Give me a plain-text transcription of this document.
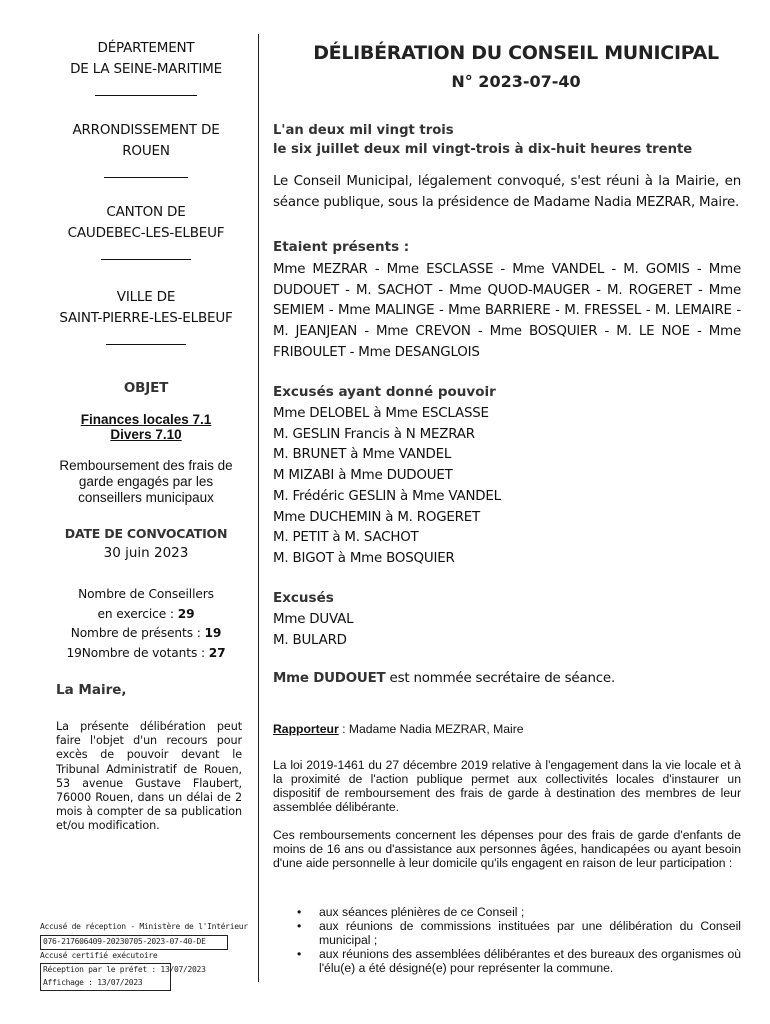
DÉPARTEMENT
DE LA SEINE-MARITIME
ARRONDISSEMENT DE
ROUEN
CANTON DE
CAUDEBEC-LES-ELBEUF
VILLE DE
SAINT-PIERRE-LES-ELBEUF
OBJET
Finances locales 7.1
Divers 7.10
Remboursement des frais de garde engagés par les conseillers municipaux
DATE DE CONVOCATION
30 juin 2023
Nombre de Conseillers
en exercice : 29
Nombre de présents : 19
19Nombre de votants : 27
La Maire,
La présente délibération peut faire l'objet d'un recours pour excès de pouvoir devant le Tribunal Administratif de Rouen, 53 avenue Gustave Flaubert, 76000 Rouen, dans un délai de 2 mois à compter de sa publication et/ou modification.
Accusé de réception - Ministère de l'Intérieur
076-217606409-20230705-2023-07-40-DE
Accusé certifié exécutoire
Réception par le préfet : 13/07/2023
Affichage : 13/07/2023
DÉLIBÉRATION DU CONSEIL MUNICIPAL
N° 2023-07-40
L'an deux mil vingt trois
le six juillet deux mil vingt-trois à dix-huit heures trente
Le Conseil Municipal, légalement convoqué, s'est réuni à la Mairie, en séance publique, sous la présidence de Madame Nadia MEZRAR, Maire.
Etaient présents :
Mme MEZRAR - Mme ESCLASSE - Mme VANDEL - M. GOMIS - Mme DUDOUET - M. SACHOT - Mme QUOD-MAUGER - M. ROGERET - Mme SEMIEM - Mme MALINGE - Mme BARRIERE - M. FRESSEL - M. LEMAIRE - M. JEANJEAN - Mme CREVON - Mme BOSQUIER - M. LE NOE - Mme FRIBOULET - Mme DESANGLOIS
Excusés ayant donné pouvoir
Mme DELOBEL à Mme ESCLASSE
M. GESLIN Francis à N MEZRAR
M. BRUNET à Mme VANDEL
M MIZABI à Mme DUDOUET
M. Frédéric GESLIN à Mme VANDEL
Mme DUCHEMIN à M. ROGERET
M. PETIT à M. SACHOT
M. BIGOT à Mme BOSQUIER
Excusés
Mme DUVAL
M. BULARD
Mme DUDOUET est nommée secrétaire de séance.
Rapporteur : Madame Nadia MEZRAR, Maire
La loi 2019-1461 du 27 décembre 2019 relative à l'engagement dans la vie locale et à la proximité de l'action publique permet aux collectivités locales d'instaurer un dispositif de remboursement des frais de garde à destination des membres de leur assemblée délibérante.
Ces remboursements concernent les dépenses pour des frais de garde d'enfants de moins de 16 ans ou d'assistance aux personnes âgées, handicapées ou ayant besoin d'une aide personnelle à leur domicile qu'ils engagent en raison de leur participation :
• aux séances plénières de ce Conseil ;
• aux réunions de commissions instituées par une délibération du Conseil municipal ;
• aux réunions des assemblées délibérantes et des bureaux des organismes où l'élu(e) a été désigné(e) pour représenter la commune.
